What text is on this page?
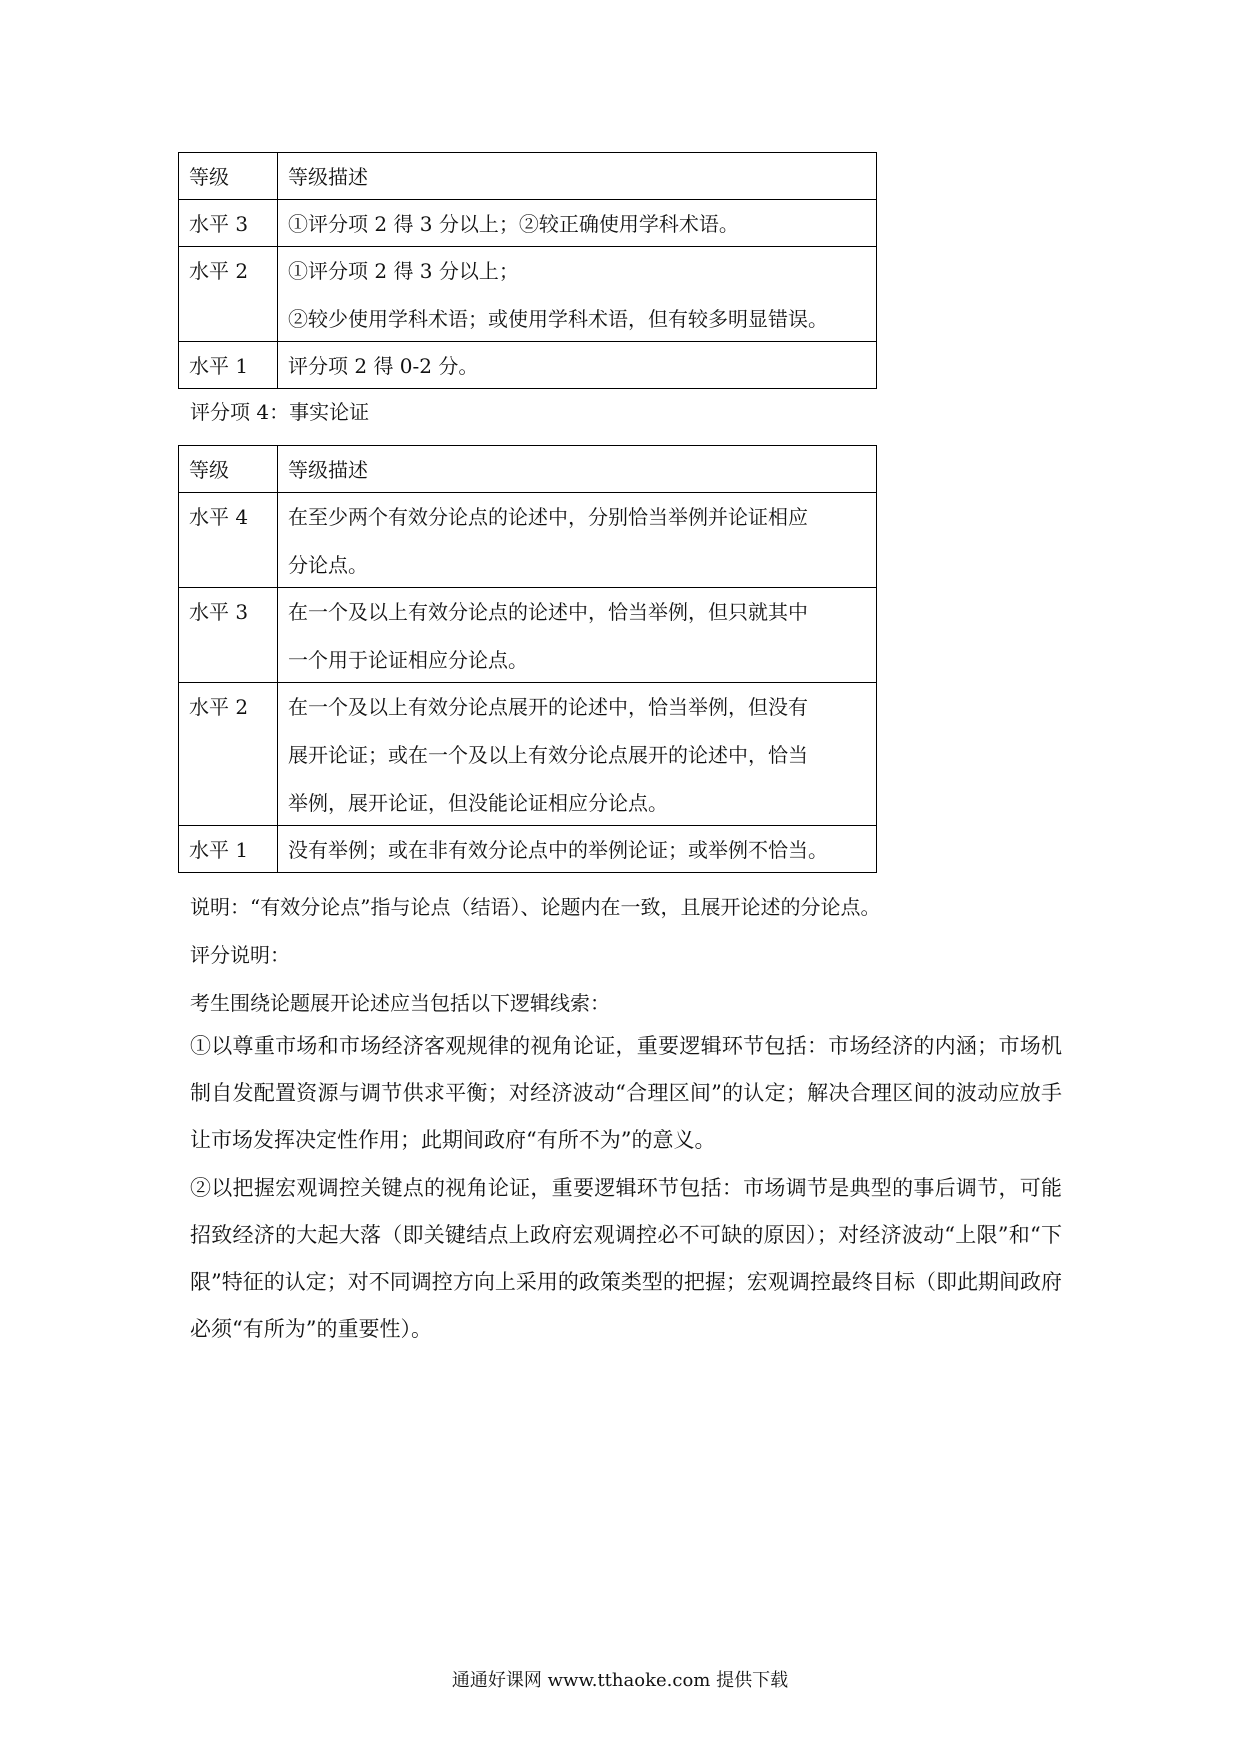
等级	等级描述

水平 3	①评分项 2 得 3 分以上；②较正确使用学科术语。

水平 2	①评分项 2 得 3 分以上；
②较少使用学科术语；或使用学科术语，但有较多明显错误。

水平 1	评分项 2 得 0-2 分。
评分项 4：事实论证
等级	等级描述

水平 4	在至少两个有效分论点的论述中，分别恰当举例并论证相应
分论点。

水平 3	在一个及以上有效分论点的论述中，恰当举例，但只就其中
一个用于论证相应分论点。

水平 2	在一个及以上有效分论点展开的论述中，恰当举例，但没有
展开论证；或在一个及以上有效分论点展开的论述中，恰当
举例，展开论证，但没能论证相应分论点。

水平 1	没有举例；或在非有效分论点中的举例论证；或举例不恰当。
说明：“有效分论点”指与论点（结语）、论题内在一致，且展开论述的分论点。
评分说明：
考生围绕论题展开论述应当包括以下逻辑线索：
①以尊重市场和市场经济客观规律的视角论证，重要逻辑环节包括：市场经济的内涵；市场机制自发配置资源与调节供求平衡；对经济波动“合理区间”的认定；解决合理区间的波动应放手让市场发挥决定性作用；此期间政府“有所不为”的意义。
②以把握宏观调控关键点的视角论证，重要逻辑环节包括：市场调节是典型的事后调节，可能招致经济的大起大落（即关键结点上政府宏观调控必不可缺的原因）；对经济波动“上限”和“下限”特征的认定；对不同调控方向上采用的政策类型的把握；宏观调控最终目标（即此期间政府必须“有所为”的重要性）。
通通好课网 www.tthaoke.com 提供下载
